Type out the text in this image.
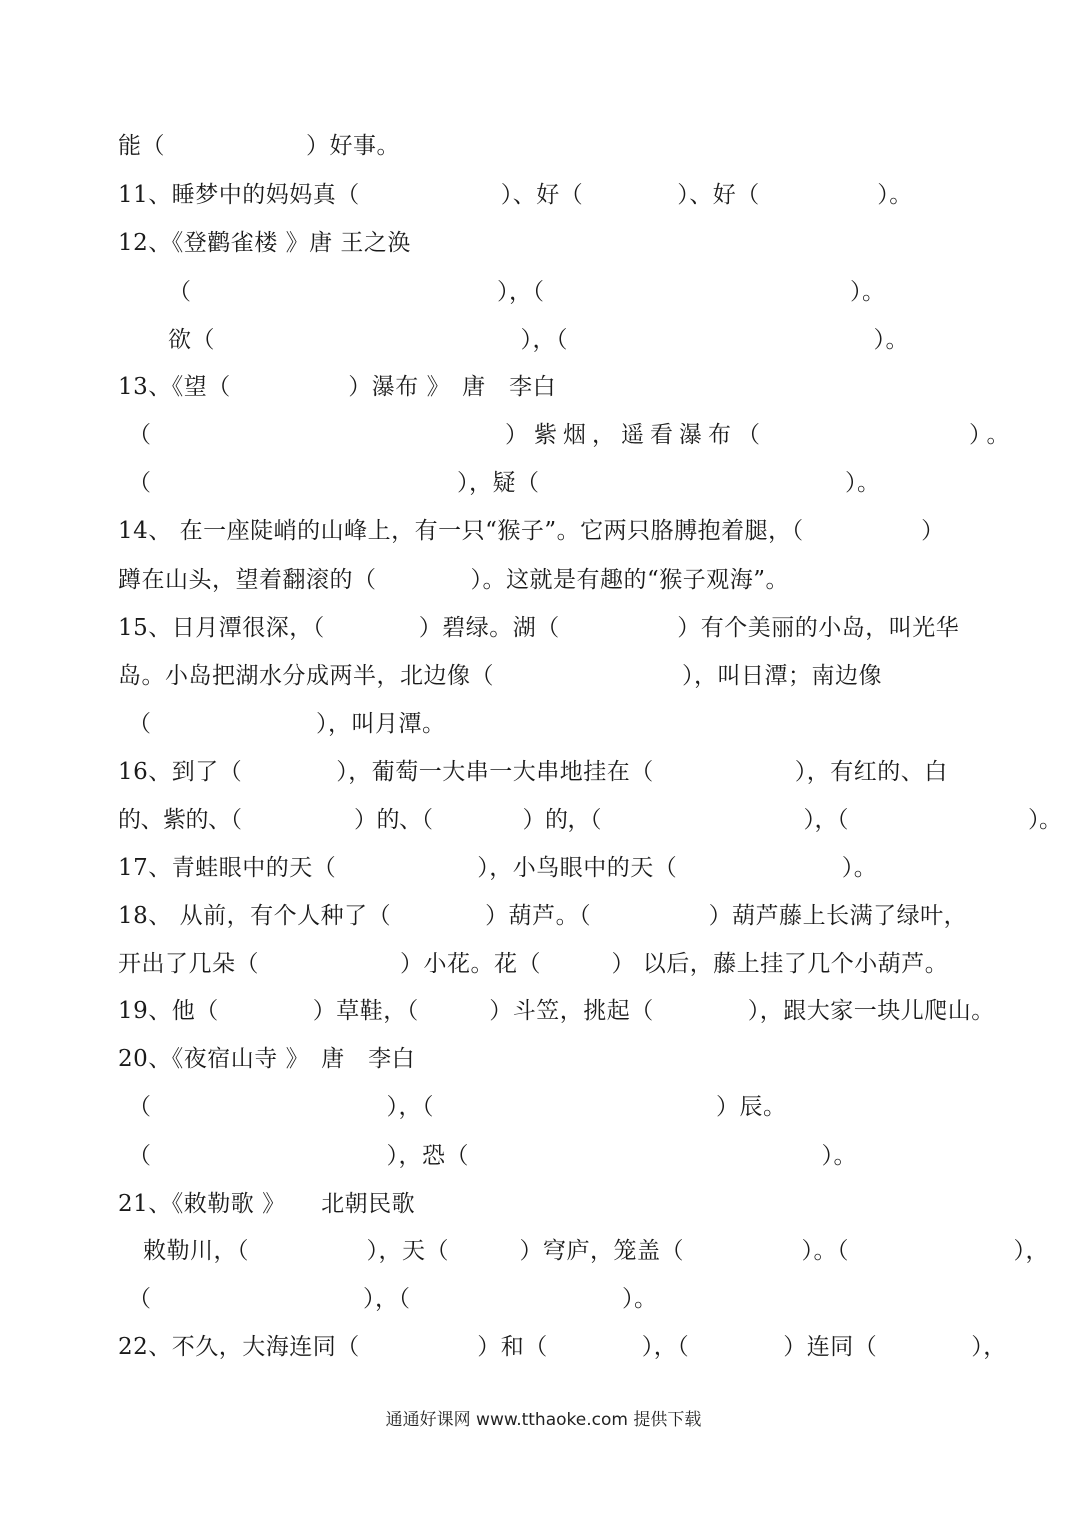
能（　　　　　　）好事。
11、睡梦中的妈妈真（　　　　　　）、好（　　　　）、好（　　　　　）。
12、《登鹳雀楼 》唐 王之涣
（　　　　　　　　　　　　　），（　　　　　　　　　　　　　）。
欲（　　　　　　　　　　　　　），（　　　　　　　　　　　　　）。
13、《望（　　　　　）瀑布 》　唐　李白
（　　　　　　　　　　　　）紫烟，遥看瀑布（　　　　　　　）。
（　　　　　　　　　　　　　），疑（　　　　　　　　　　　　　）。
14、 在一座陡峭的山峰上，有一只“猴子”。它两只胳膊抱着腿，（　　　　　）
蹲在山头，望着翻滚的（　　　　）。这就是有趣的“猴子观海”。
15、日月潭很深，（　　　　）碧绿。湖（　　　　　）有个美丽的小岛，叫光华
岛。小岛把湖水分成两半，北边像（　　　　　　　　），叫日潭；南边像
（　　　　　　　），叫月潭。
16、到了（　　　　），葡萄一大串一大串地挂在（　　　　　　），有红的、白
的、紫的、（　　　　　）的、（　　　　）的，（　　　　　　　　　），（　　　　　　　　）。
17、青蛙眼中的天（　　　　　　），小鸟眼中的天（　　　　　　　）。
18、 从前，有个人种了（　　　　）葫芦。（　　　　　）葫芦藤上长满了绿叶，
开出了几朵（　　　　　　）小花。花（　　　） 以后，藤上挂了几个小葫芦。
19、他（　　　　）草鞋，（　　　）斗笠，挑起（　　　　），跟大家一块儿爬山。
20、《夜宿山寺 》　唐　李白
（　　　　　　　　　　），（　　　　　　　　　　　　）辰。
（　　　　　　　　　　），恐（　　　　　　　　　　　　　　　）。
21、《敕勒歌 》　　北朝民歌
敕勒川，（　　　　　），天（　　　）穹庐，笼盖（　　　　　）。（　　　　　　　），
（　　　　　　　　　），（　　　　　　　　　）。
22、不久，大海连同（　　　　　）和（　　　　），（　　　　）连同（　　　　），
通通好课网 www.tthaoke.com 提供下载
